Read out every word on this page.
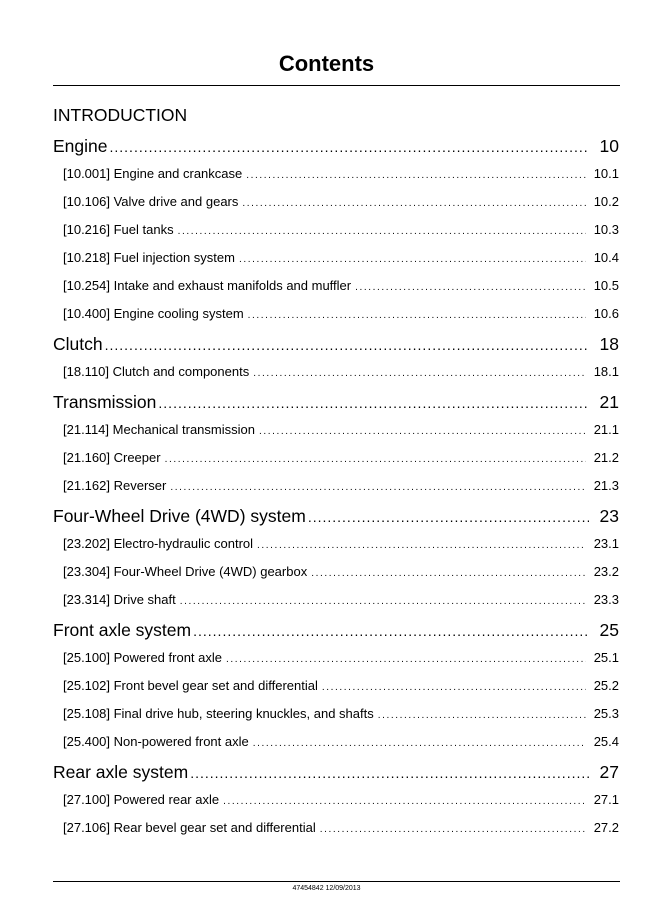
Contents
INTRODUCTION
Engine .....	10
[10.001] Engine and crankcase .....	10.1
[10.106] Valve drive and gears .....	10.2
[10.216] Fuel tanks .....	10.3
[10.218] Fuel injection system .....	10.4
[10.254] Intake and exhaust manifolds and muffler .....	10.5
[10.400] Engine cooling system .....	10.6
Clutch .....	18
[18.110] Clutch and components .....	18.1
Transmission .....	21
[21.114] Mechanical transmission .....	21.1
[21.160] Creeper .....	21.2
[21.162] Reverser .....	21.3
Four-Wheel Drive (4WD) system .....	23
[23.202] Electro-hydraulic control .....	23.1
[23.304] Four-Wheel Drive (4WD) gearbox .....	23.2
[23.314] Drive shaft .....	23.3
Front axle system .....	25
[25.100] Powered front axle .....	25.1
[25.102] Front bevel gear set and differential .....	25.2
[25.108] Final drive hub, steering knuckles, and shafts .....	25.3
[25.400] Non-powered front axle .....	25.4
Rear axle system .....	27
[27.100] Powered rear axle .....	27.1
[27.106] Rear bevel gear set and differential .....	27.2
47454842 12/09/2013
